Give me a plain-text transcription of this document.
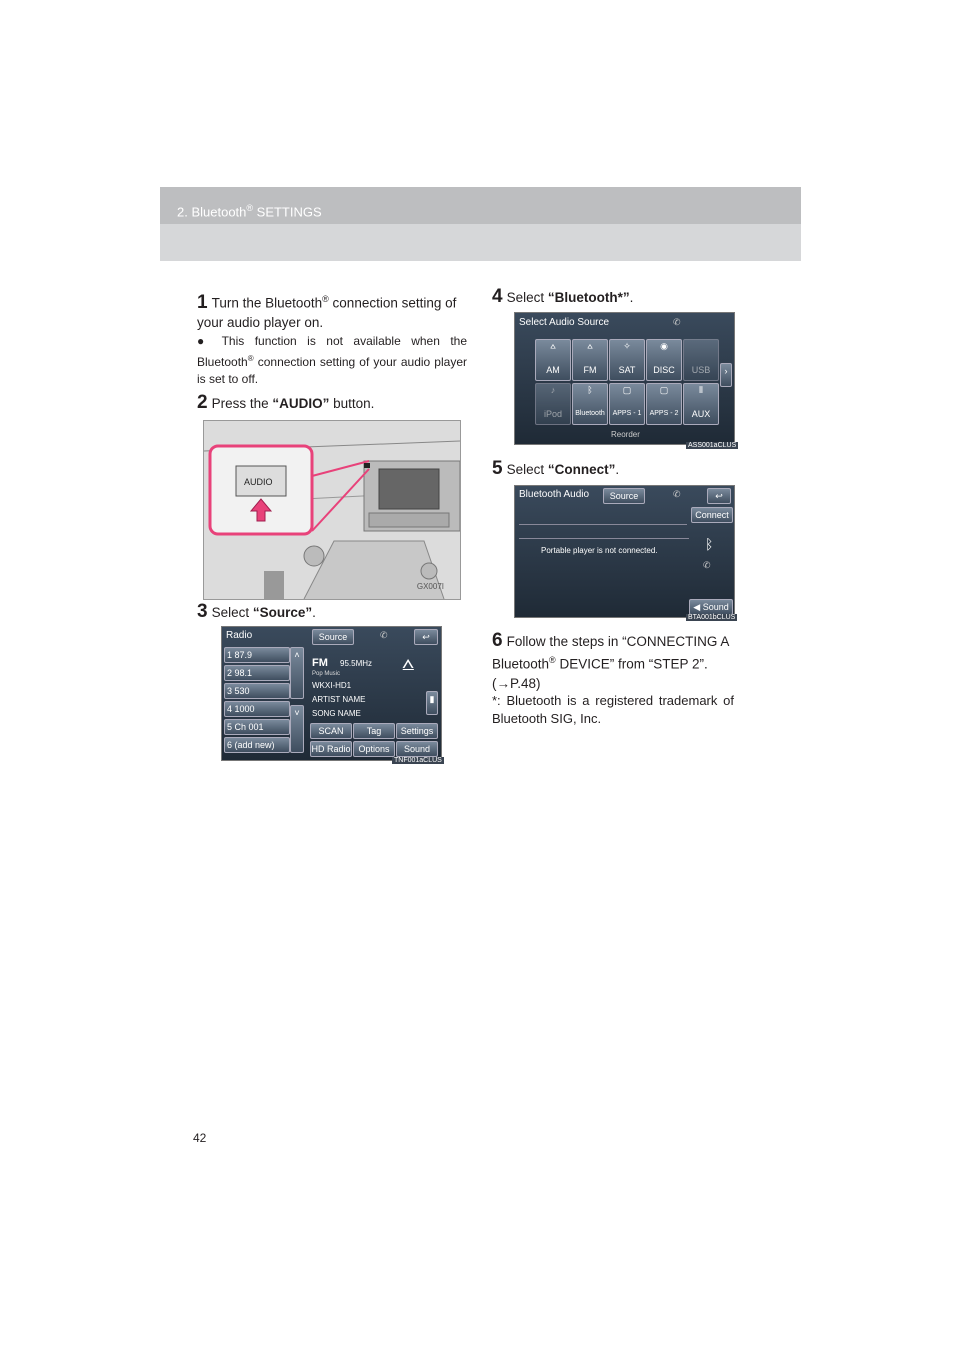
2. Bluetooth® SETTINGS
1 Turn the Bluetooth® connection setting of your audio player on.
● This function is not available when the Bluetooth® connection setting of your audio player is set to off.
2 Press the “AUDIO” button.
AUDIO
GX007I
3 Select “Source”.
Radio	Source	↩
✆
1 87.9
2 98.1
3 530
4 1000
5 Ch 001
6 (add new)
˄
˅
FM 95.5MHz
Pop Music
WKXI-HD1
ARTIST NAME
SONG NAME
⩟
▮
SCAN	Tag	Settings
HD Radio Options	Sound
TNF001aCLUS
4 Select “Bluetooth*”.
Select Audio Source	✆
⩟
AM
⩟
FM
✧
SAT
◉
DISC
	USB	›
♪
iPod
ᛒ
Bluetooth
▢
APPS - 1
▢
APPS - 2
⦀
AUX
Reorder
ASS001aCLUS
5 Select “Connect”.
Bluetooth Audio	Source	✆	↩
Connect
Portable player is not connected.	ᛒ
✆
◀ Sound
BTA001bCLUS
6 Follow the steps in “CONNECTING A Bluetooth® DEVICE” from “STEP 2”. (→P.48)
*: Bluetooth is a registered trademark of Bluetooth SIG, Inc.
42
